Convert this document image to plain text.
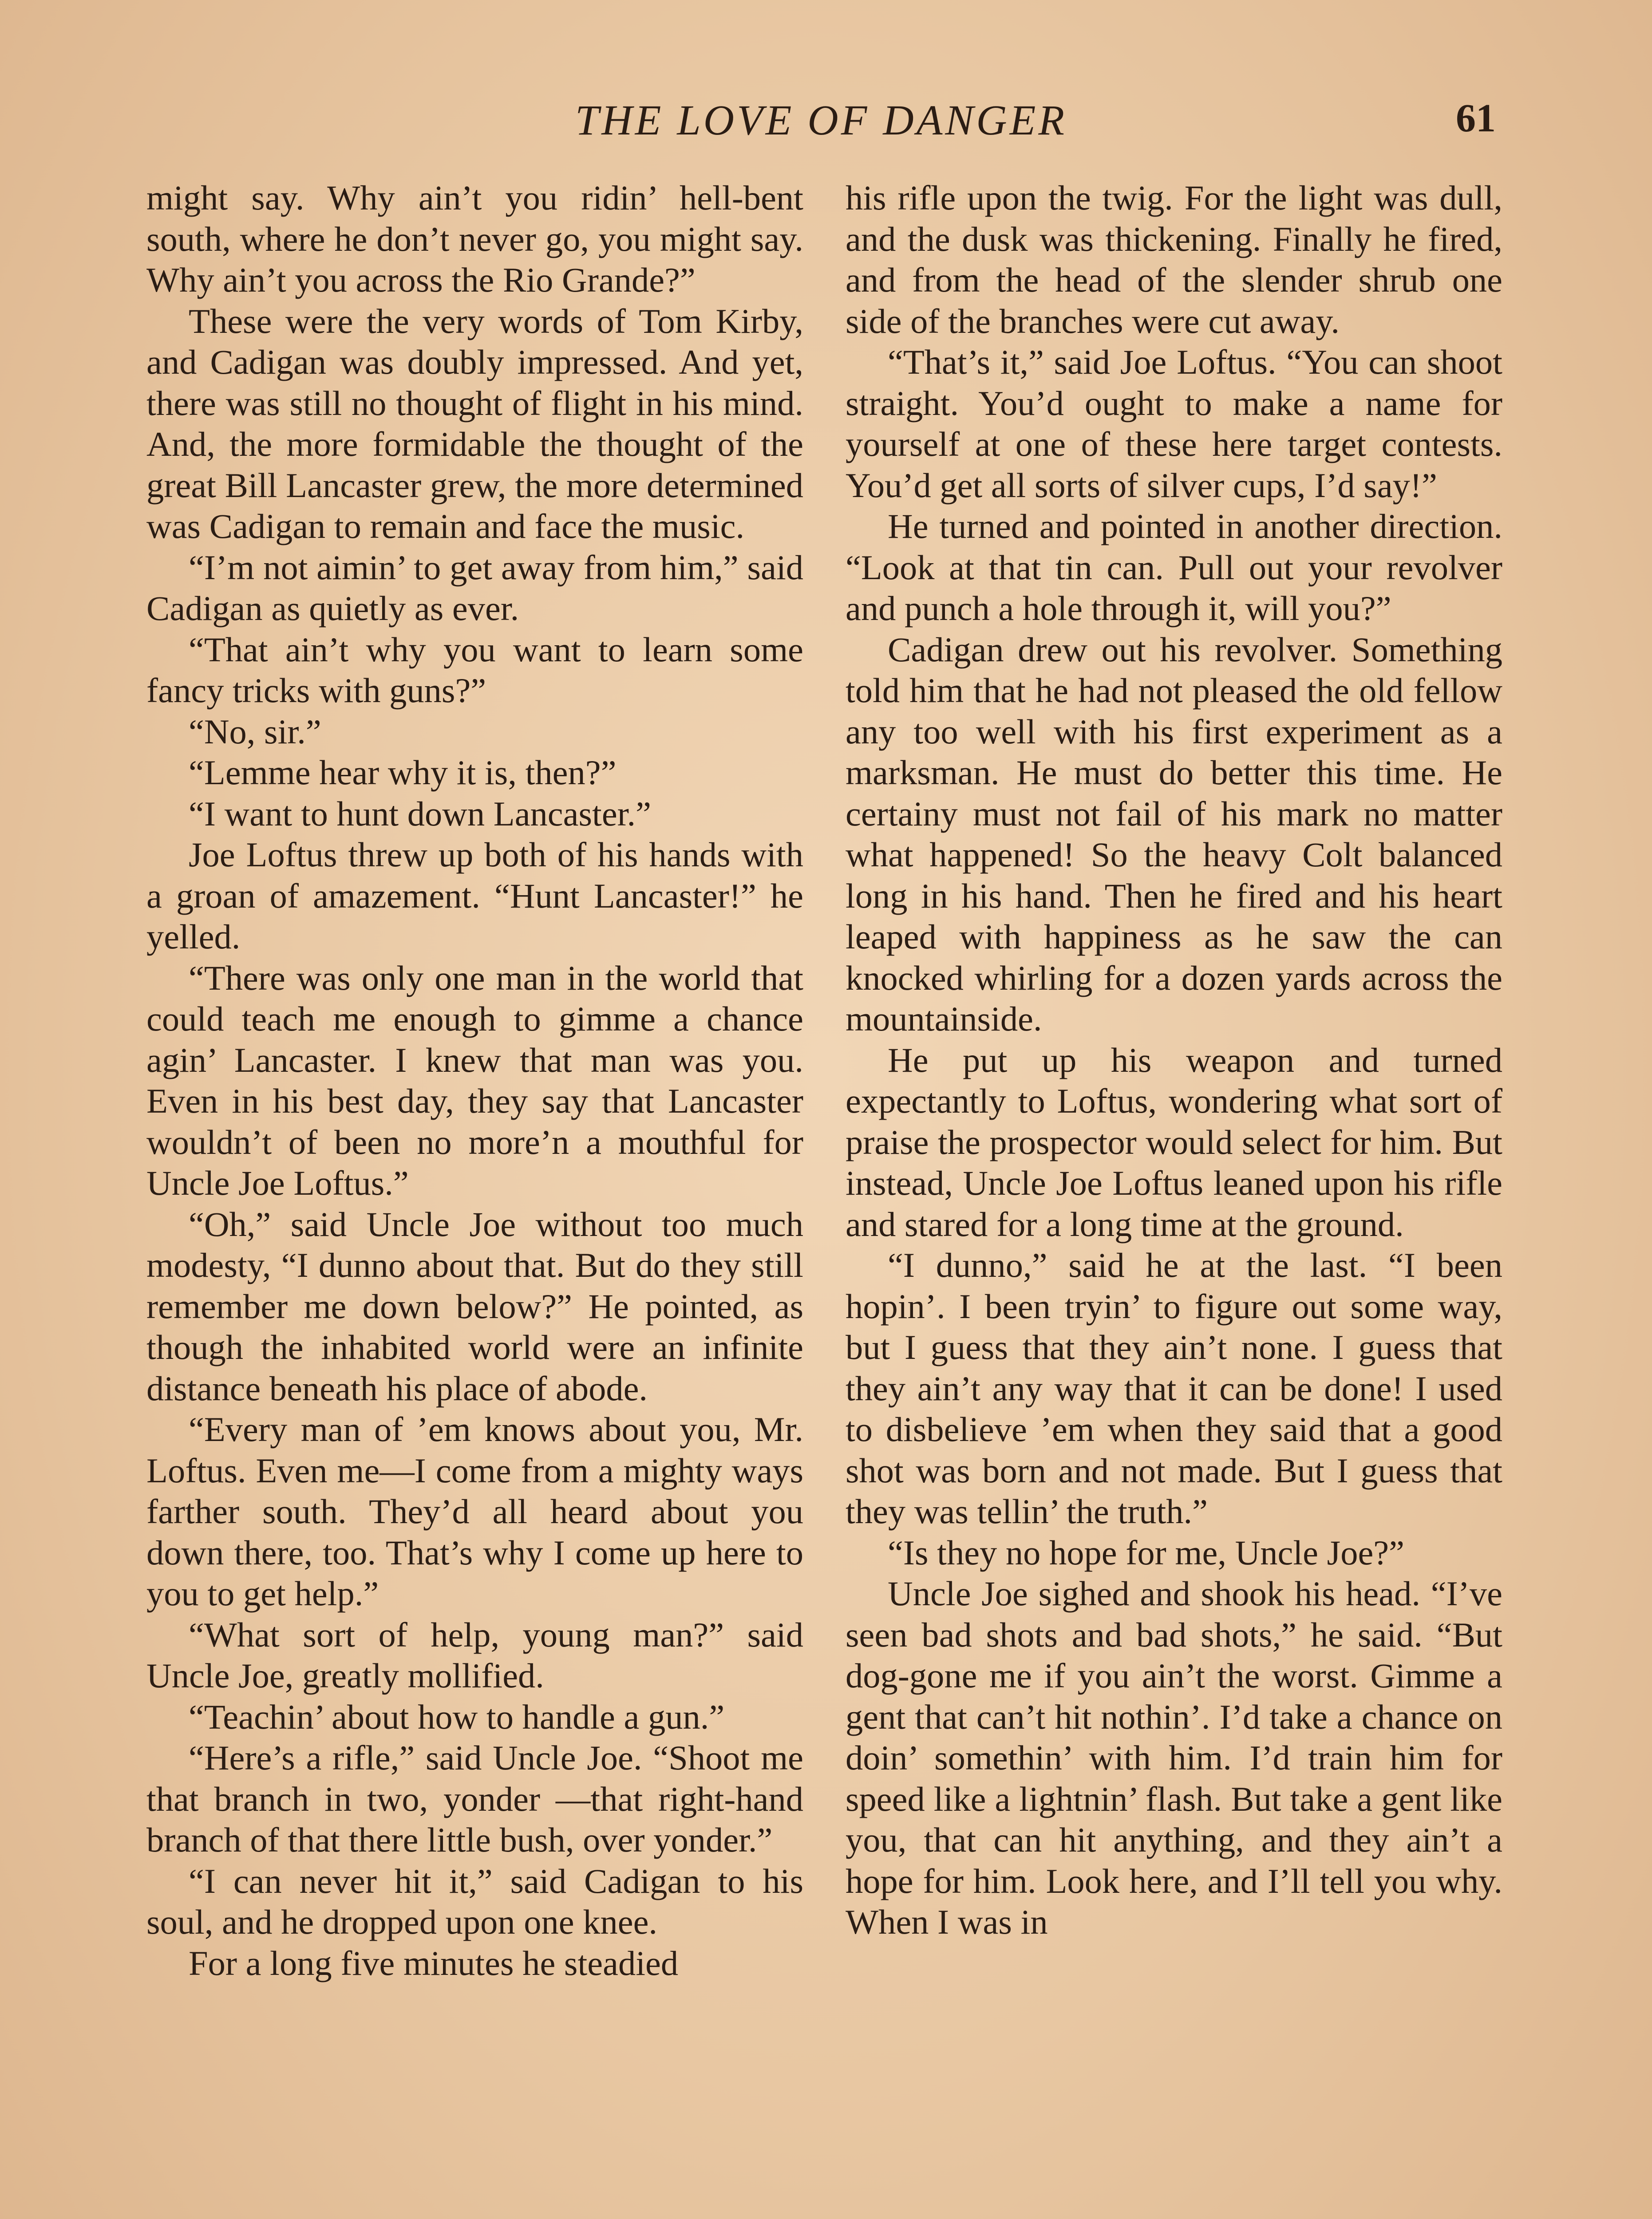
THE LOVE OF DANGER	61

might say. Why ain’t you ridin’ hell-bent south, where he don’t never go, you might say. Why ain’t you across the Rio Grande?”

These were the very words of Tom Kirby, and Cadigan was doubly impressed. And yet, there was still no thought of flight in his mind. And, the more formidable the thought of the great Bill Lancaster grew, the more determined was Cadigan to remain and face the music.

“I’m not aimin’ to get away from him,” said Cadigan as quietly as ever.

“That ain’t why you want to learn some fancy tricks with guns?”

“No, sir.”

“Lemme hear why it is, then?”

“I want to hunt down Lancaster.”

Joe Loftus threw up both of his hands with a groan of amazement. “Hunt Lancaster!” he yelled.

“There was only one man in the world that could teach me enough to gimme a chance agin’ Lancaster. I knew that man was you. Even in his best day, they say that Lancaster wouldn’t of been no more’n a mouthful for Uncle Joe Loftus.”

“Oh,” said Uncle Joe without too much modesty, “I dunno about that. But do they still remember me down below?” He pointed, as though the inhabited world were an infinite distance beneath his place of abode.

“Every man of ’em knows about you, Mr. Loftus. Even me—I come from a mighty ways farther south. They’d all heard about you down there, too. That’s why I come up here to you to get help.”

“What sort of help, young man?” said Uncle Joe, greatly mollified.

“Teachin’ about how to handle a gun.”

“Here’s a rifle,” said Uncle Joe. “Shoot me that branch in two, yonder —that right-hand branch of that there little bush, over yonder.”

“I can never hit it,” said Cadigan to his soul, and he dropped upon one knee.

For a long five minutes he steadied

his rifle upon the twig. For the light was dull, and the dusk was thickening. Finally he fired, and from the head of the slender shrub one side of the branches were cut away.

“That’s it,” said Joe Loftus. “You can shoot straight. You’d ought to make a name for yourself at one of these here target contests. You’d get all sorts of silver cups, I’d say!”

He turned and pointed in another direction. “Look at that tin can. Pull out your revolver and punch a hole through it, will you?”

Cadigan drew out his revolver. Something told him that he had not pleased the old fellow any too well with his first experiment as a marksman. He must do better this time. He certainy must not fail of his mark no matter what happened! So the heavy Colt balanced long in his hand. Then he fired and his heart leaped with happiness as he saw the can knocked whirling for a dozen yards across the mountainside.

He put up his weapon and turned expectantly to Loftus, wondering what sort of praise the prospector would select for him. But instead, Uncle Joe Loftus leaned upon his rifle and stared for a long time at the ground.

“I dunno,” said he at the last. “I been hopin’. I been tryin’ to figure out some way, but I guess that they ain’t none. I guess that they ain’t any way that it can be done! I used to disbelieve ’em when they said that a good shot was born and not made. But I guess that they was tellin’ the truth.”

“Is they no hope for me, Uncle Joe?”

Uncle Joe sighed and shook his head. “I’ve seen bad shots and bad shots,” he said. “But dog-gone me if you ain’t the worst. Gimme a gent that can’t hit nothin’. I’d take a chance on doin’ somethin’ with him. I’d train him for speed like a lightnin’ flash. But take a gent like you, that can hit anything, and they ain’t a hope for him. Look here, and I’ll tell you why. When I was in
